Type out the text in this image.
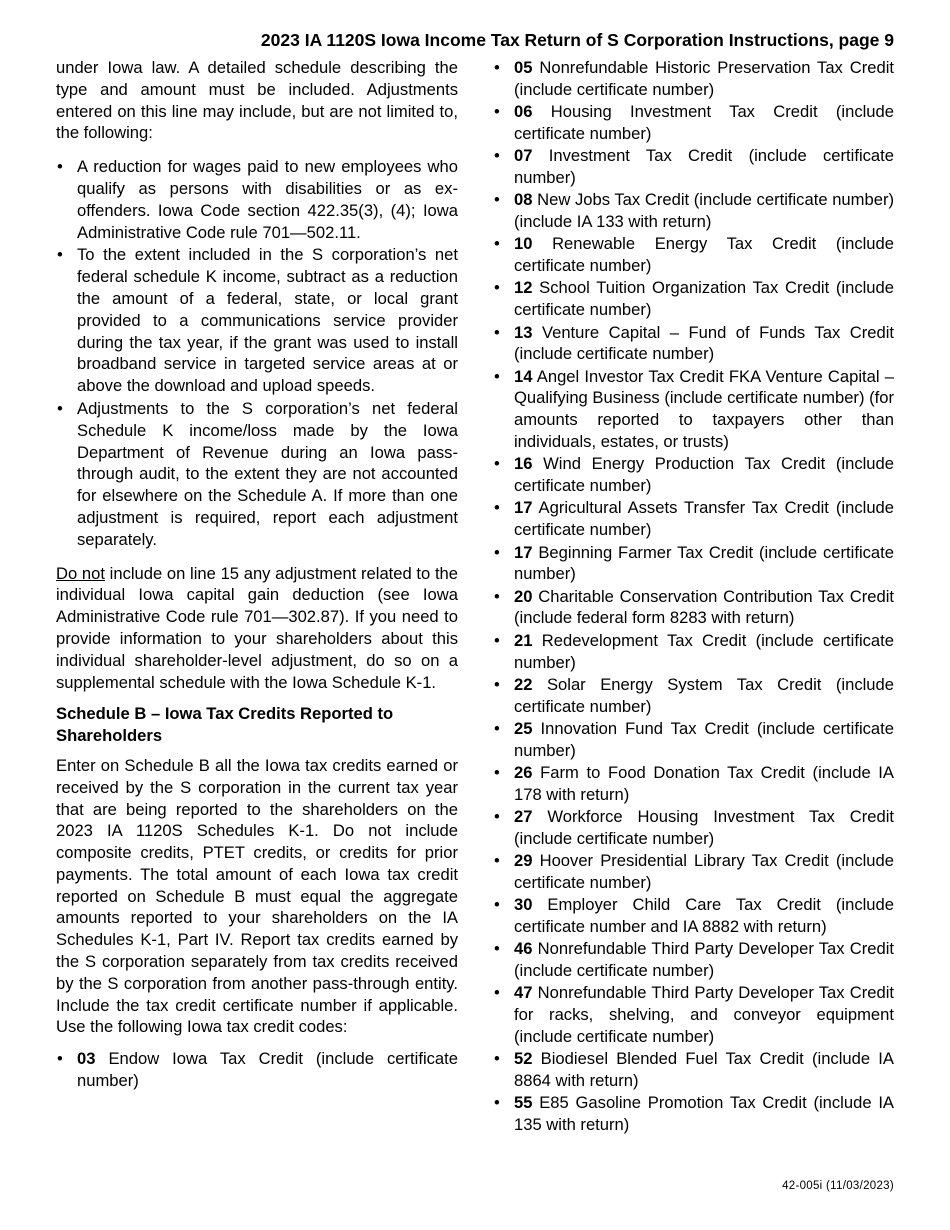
2023 IA 1120S Iowa Income Tax Return of S Corporation Instructions, page 9

under Iowa law. A detailed schedule describing the type and amount must be included. Adjustments entered on this line may include, but are not limited to, the following:

• A reduction for wages paid to new employees who qualify as persons with disabilities or as ex-offenders. Iowa Code section 422.35(3), (4); Iowa Administrative Code rule 701—502.11.
• To the extent included in the S corporation’s net federal schedule K income, subtract as a reduction the amount of a federal, state, or local grant provided to a communications service provider during the tax year, if the grant was used to install broadband service in targeted service areas at or above the download and upload speeds.
• Adjustments to the S corporation’s net federal Schedule K income/loss made by the Iowa Department of Revenue during an Iowa pass-through audit, to the extent they are not accounted for elsewhere on the Schedule A. If more than one adjustment is required, report each adjustment separately.

Do not include on line 15 any adjustment related to the individual Iowa capital gain deduction (see Iowa Administrative Code rule 701—302.87). If you need to provide information to your shareholders about this individual shareholder-level adjustment, do so on a supplemental schedule with the Iowa Schedule K-1.

Schedule B – Iowa Tax Credits Reported to Shareholders

Enter on Schedule B all the Iowa tax credits earned or received by the S corporation in the current tax year that are being reported to the shareholders on the 2023 IA 1120S Schedules K-1. Do not include composite credits, PTET credits, or credits for prior payments. The total amount of each Iowa tax credit reported on Schedule B must equal the aggregate amounts reported to your shareholders on the IA Schedules K-1, Part IV. Report tax credits earned by the S corporation separately from tax credits received by the S corporation from another pass-through entity. Include the tax credit certificate number if applicable. Use the following Iowa tax credit codes:

• 03 Endow Iowa Tax Credit (include certificate number)
• 05 Nonrefundable Historic Preservation Tax Credit (include certificate number)
• 06 Housing Investment Tax Credit (include certificate number)
• 07 Investment Tax Credit (include certificate number)
• 08 New Jobs Tax Credit (include certificate number) (include IA 133 with return)
• 10 Renewable Energy Tax Credit (include certificate number)
• 12 School Tuition Organization Tax Credit (include certificate number)
• 13 Venture Capital – Fund of Funds Tax Credit (include certificate number)
• 14 Angel Investor Tax Credit FKA Venture Capital – Qualifying Business (include certificate number) (for amounts reported to taxpayers other than individuals, estates, or trusts)
• 16 Wind Energy Production Tax Credit (include certificate number)
• 17 Agricultural Assets Transfer Tax Credit (include certificate number)
• 17 Beginning Farmer Tax Credit (include certificate number)
• 20 Charitable Conservation Contribution Tax Credit (include federal form 8283 with return)
• 21 Redevelopment Tax Credit (include certificate number)
• 22 Solar Energy System Tax Credit (include certificate number)
• 25 Innovation Fund Tax Credit (include certificate number)
• 26 Farm to Food Donation Tax Credit (include IA 178 with return)
• 27 Workforce Housing Investment Tax Credit (include certificate number)
• 29 Hoover Presidential Library Tax Credit (include certificate number)
• 30 Employer Child Care Tax Credit (include certificate number and IA 8882 with return)
• 46 Nonrefundable Third Party Developer Tax Credit (include certificate number)
• 47 Nonrefundable Third Party Developer Tax Credit for racks, shelving, and conveyor equipment (include certificate number)
• 52 Biodiesel Blended Fuel Tax Credit (include IA 8864 with return)
• 55 E85 Gasoline Promotion Tax Credit (include IA 135 with return)
42-005i (11/03/2023)
